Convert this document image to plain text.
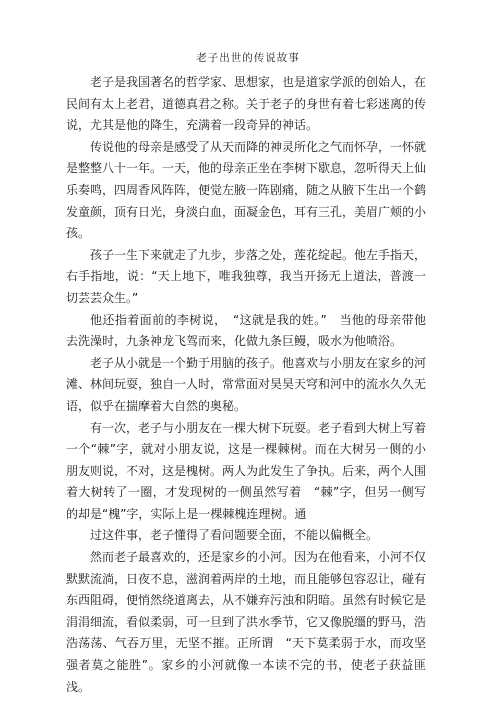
老子出世的传说故事

老子是我国著名的哲学家、思想家，也是道家学派的创始人，在民间有太上老君，道德真君之称。关于老子的身世有着七彩迷离的传说，尤其是他的降生，充满着一段奇异的神话。

传说他的母亲是感受了从天而降的神灵所化之气而怀孕，一怀就是整整八十一年。一天，他的母亲正坐在李树下歇息，忽听得天上仙乐奏鸣，四周香风阵阵，便觉左腋一阵剧痛，随之从腋下生出一个鹤发童颜，顶有日光，身淡白血，面凝金色，耳有三孔，美眉广颊的小孩。

孩子一生下来就走了九步，步落之处，莲花绽起。他左手指天，右手指地，说：“天上地下，唯我独尊，我当开扬无上道法，普渡一切芸芸众生。”

他还指着面前的李树说，　“这就是我的姓。”　当他的母亲带他去洗澡时，九条神龙飞驾而来，化做九条巨鳗，吸水为他喷浴。

老子从小就是一个勤于用脑的孩子。他喜欢与小朋友在家乡的河滩、林间玩耍，独自一人时，常常面对昊昊天穹和河中的流水久久无语，似乎在揣摩着大自然的奥秘。

有一次，老子与小朋友在一棵大树下玩耍。老子看到大树上写着一个“棘”字，就对小朋友说，这是一棵棘树。而在大树另一侧的小朋友则说，不对，这是槐树。两人为此发生了争执。后来，两个人围着大树转了一圈，才发现树的一侧虽然写着　“棘”字，但另一侧写的却是“槐”字，实际上是一棵棘槐连理树。通

过这件事，老子懂得了看问题要全面，不能以偏概全。

然而老子最喜欢的，还是家乡的小河。因为在他看来，小河不仅默默流淌，日夜不息，滋润着两岸的土地，而且能够包容忍让，碰有东西阻碍，便悄然绕道离去，从不嫌弃污浊和阴暗。虽然有时候它是涓涓细流，看似柔弱，可一旦到了洪水季节，它又像脱缰的野马，浩浩荡荡、气吞万里，无坚不摧。正所谓　“天下莫柔弱于水，而攻坚强者莫之能胜”。家乡的小河就像一本读不完的书，使老子获益匪浅。
